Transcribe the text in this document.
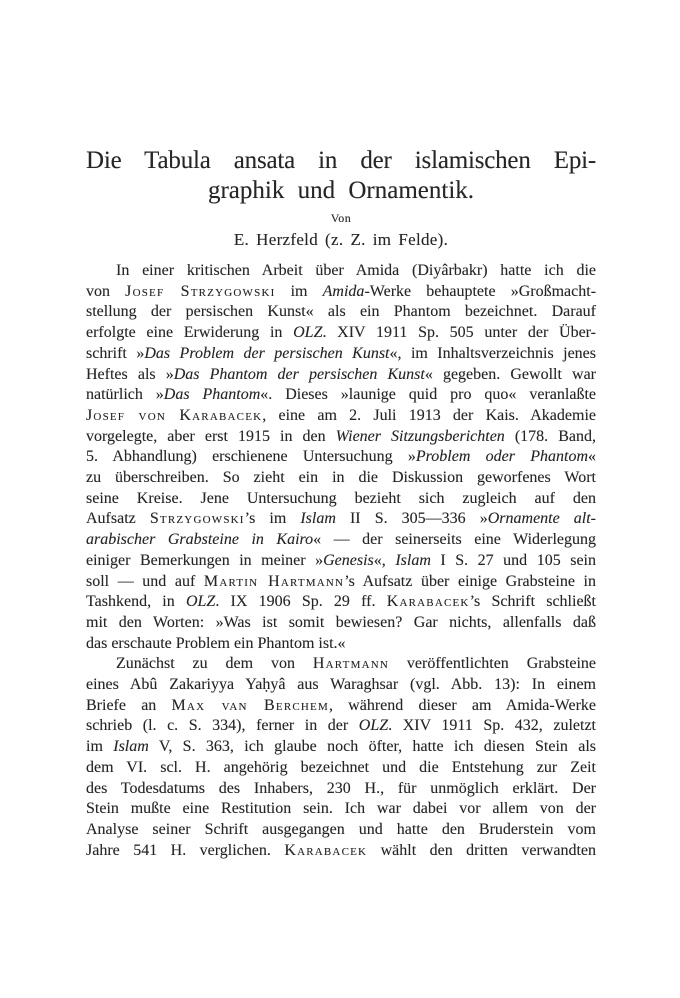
Die Tabula ansata in der islamischen Epi-
graphik und Ornamentik.
Von
E. Herzfeld (z. Z. im Felde).
In einer kritischen Arbeit über Amida (Diyârbakr) hatte ich die
von Josef Strzygowski im Amida-Werke behauptete »Großmacht-
stellung der persischen Kunst« als ein Phantom bezeichnet. Darauf
erfolgte eine Erwiderung in OLZ. XIV 1911 Sp. 505 unter der Über-
schrift »Das Problem der persischen Kunst«, im Inhaltsverzeichnis jenes
Heftes als »Das Phantom der persischen Kunst« gegeben. Gewollt war
natürlich »Das Phantom«. Dieses »launige quid pro quo« veranlaßte
Josef von Karabacek, eine am 2. Juli 1913 der Kais. Akademie
vorgelegte, aber erst 1915 in den Wiener Sitzungsberichten (178. Band,
5. Abhandlung) erschienene Untersuchung »Problem oder Phantom«
zu überschreiben. So zieht ein in die Diskussion geworfenes Wort
seine Kreise. Jene Untersuchung bezieht sich zugleich auf den
Aufsatz Strzygowski’s im Islam II S. 305—336 »Ornamente alt-
arabischer Grabsteine in Kairo« — der seinerseits eine Widerlegung
einiger Bemerkungen in meiner »Genesis«, Islam I S. 27 und 105 sein
soll — und auf Martin Hartmann’s Aufsatz über einige Grabsteine in
Tashkend, in OLZ. IX 1906 Sp. 29 ff. Karabacek’s Schrift schließt
mit den Worten: »Was ist somit bewiesen? Gar nichts, allenfalls daß
das erschaute Problem ein Phantom ist.«
Zunächst zu dem von Hartmann veröffentlichten Grabsteine
eines Abû Zakariyya Yaḥyâ aus Waraghsar (vgl. Abb. 13): In einem
Briefe an Max van Berchem, während dieser am Amida-Werke
schrieb (l. c. S. 334), ferner in der OLZ. XIV 1911 Sp. 432, zuletzt
im Islam V, S. 363, ich glaube noch öfter, hatte ich diesen Stein als
dem VI. scl. H. angehörig bezeichnet und die Entstehung zur Zeit
des Todesdatums des Inhabers, 230 H., für unmöglich erklärt. Der
Stein mußte eine Restitution sein. Ich war dabei vor allem von der
Analyse seiner Schrift ausgegangen und hatte den Bruderstein vom
Jahre 541 H. verglichen. Karabacek wählt den dritten verwandten
